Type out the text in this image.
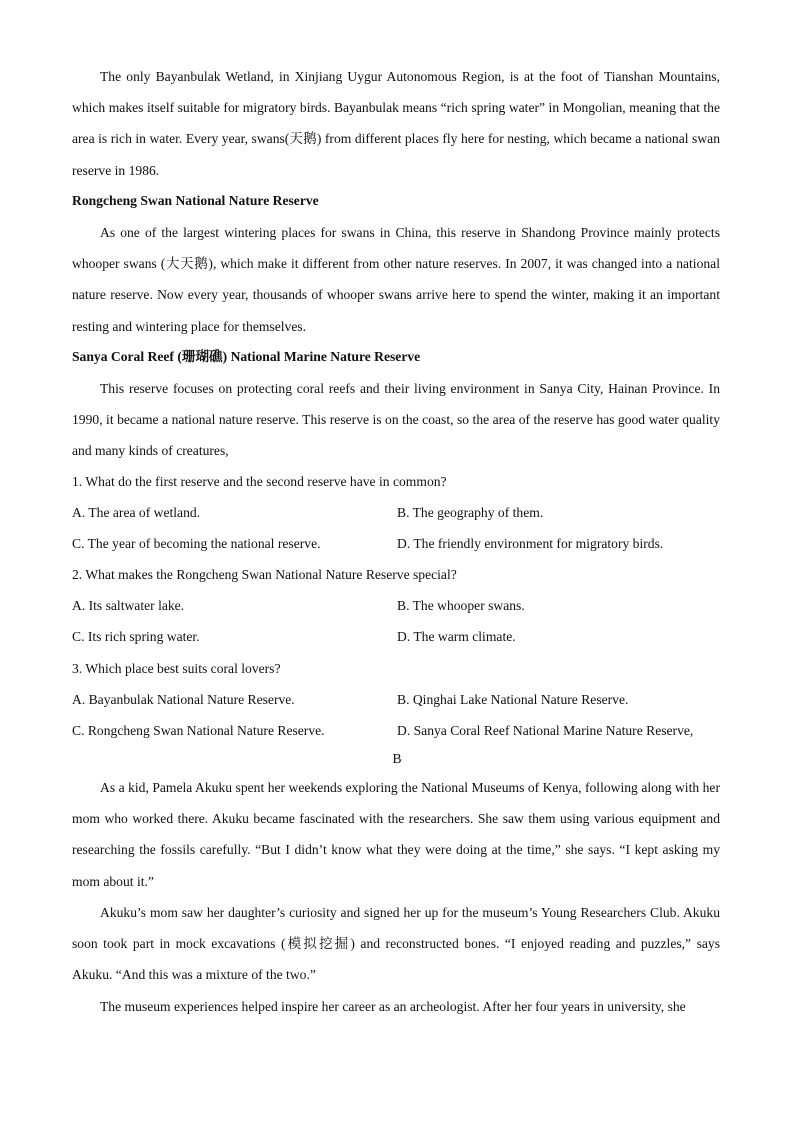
The only Bayanbulak Wetland, in Xinjiang Uygur Autonomous Region, is at the foot of Tianshan Mountains, which makes itself suitable for migratory birds. Bayanbulak means “rich spring water” in Mongolian, meaning that the area is rich in water. Every year, swans(天鹅) from different places fly here for nesting, which became a national swan reserve in 1986.

Rongcheng Swan National Nature Reserve

As one of the largest wintering places for swans in China, this reserve in Shandong Province mainly protects whooper swans (大天鹅), which make it different from other nature reserves. In 2007, it was changed into a national nature reserve. Now every year, thousands of whooper swans arrive here to spend the winter, making it an important resting and wintering place for themselves.

Sanya Coral Reef (珊瑚礁) National Marine Nature Reserve

This reserve focuses on protecting coral reefs and their living environment in Sanya City, Hainan Province. In 1990, it became a national nature reserve. This reserve is on the coast, so the area of the reserve has good water quality and many kinds of creatures,

1. What do the first reserve and the second reserve have in common?

A. The area of wetland.	B. The geography of them.

C. The year of becoming the national reserve.	D. The friendly environment for migratory birds.

2. What makes the Rongcheng Swan National Nature Reserve special?

A. Its saltwater lake.	B. The whooper swans.

C. Its rich spring water.	D. The warm climate.

3. Which place best suits coral lovers?

A. Bayanbulak National Nature Reserve.	B. Qinghai Lake National Nature Reserve.

C. Rongcheng Swan National Nature Reserve.	D. Sanya Coral Reef National Marine Nature Reserve,

B

As a kid, Pamela Akuku spent her weekends exploring the National Museums of Kenya, following along with her mom who worked there. Akuku became fascinated with the researchers. She saw them using various equipment and researching the fossils carefully. “But I didn’t know what they were doing at the time,” she says. “I kept asking my mom about it.”

Akuku’s mom saw her daughter’s curiosity and signed her up for the museum’s Young Researchers Club. Akuku soon took part in mock excavations (模拟挖掘) and reconstructed bones. “I enjoyed reading and puzzles,” says Akuku. “And this was a mixture of the two.”

The museum experiences helped inspire her career as an archeologist. After her four years in university, she
